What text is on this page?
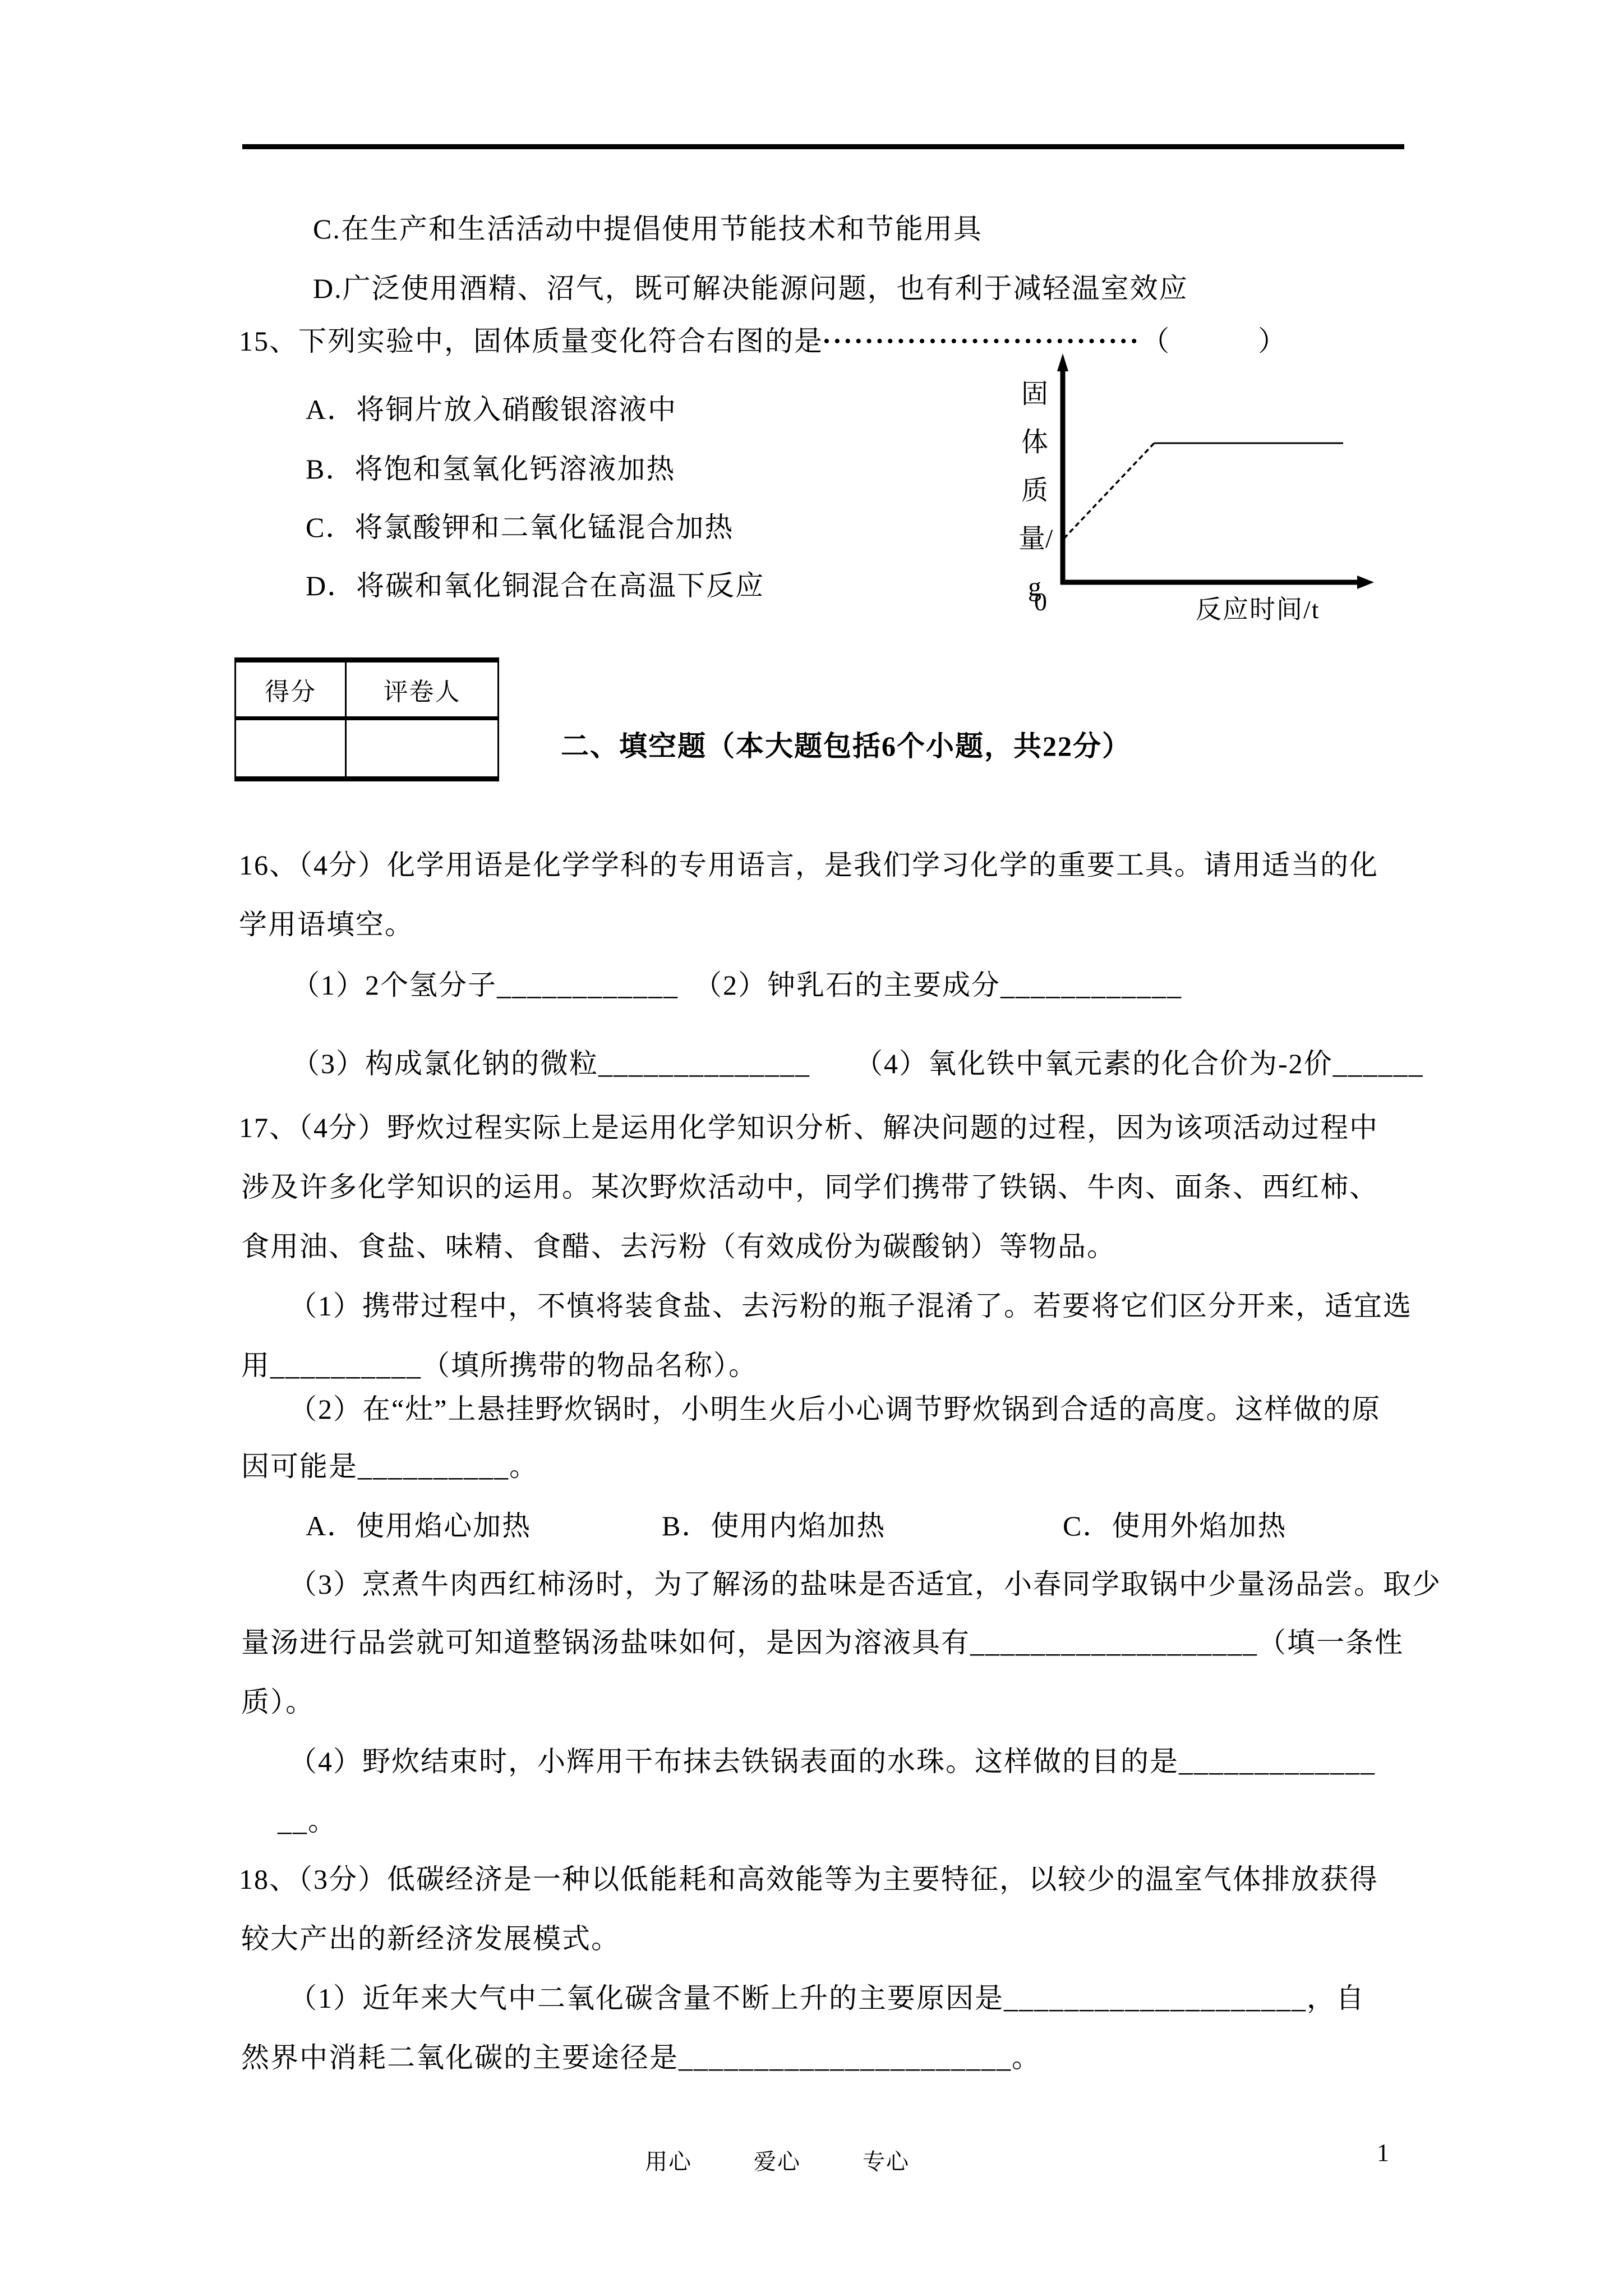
C.在生产和生活活动中提倡使用节能技术和节能用具
D.广泛使用酒精、沼气，既可解决能源问题，也有利于减轻温室效应
15、下列实验中，固体质量变化符合右图的是••••••••••••••••••••••••••••••（　　　）
A．将铜片放入硝酸银溶液中
B．将饱和氢氧化钙溶液加热
C．将氯酸钾和二氧化锰混合加热
D．将碳和氧化铜混合在高温下反应
固体质量/g
0	反应时间/t
得分	评卷人
二、填空题（本大题包括6个小题，共22分）
16、（4分）化学用语是化学学科的专用语言，是我们学习化学的重要工具。请用适当的化
学用语填空。
（1）2个氢分子____________　（2）钟乳石的主要成分____________
（3）构成氯化钠的微粒______________　　（4）氧化铁中氧元素的化合价为-2价______
17、（4分）野炊过程实际上是运用化学知识分析、解决问题的过程，因为该项活动过程中
涉及许多化学知识的运用。某次野炊活动中，同学们携带了铁锅、牛肉、面条、西红柿、
食用油、食盐、味精、食醋、去污粉（有效成份为碳酸钠）等物品。
（1）携带过程中，不慎将装食盐、去污粉的瓶子混淆了。若要将它们区分开来，适宜选
用__________（填所携带的物品名称）。
（2）在“灶”上悬挂野炊锅时，小明生火后小心调节野炊锅到合适的高度。这样做的原
因可能是__________。
A．使用焰心加热	B．使用内焰加热	C．使用外焰加热
（3）烹煮牛肉西红柿汤时，为了解汤的盐味是否适宜，小春同学取锅中少量汤品尝。取少
量汤进行品尝就可知道整锅汤盐味如何，是因为溶液具有___________________（填一条性
质）。
（4）野炊结束时，小辉用干布抹去铁锅表面的水珠。这样做的目的是_____________
__。
18、（3分）低碳经济是一种以低能耗和高效能等为主要特征，以较少的温室气体排放获得
较大产出的新经济发展模式。
（1）近年来大气中二氧化碳含量不断上升的主要原因是____________________，自
然界中消耗二氧化碳的主要途径是______________________。
用心	爱心	专心	1
